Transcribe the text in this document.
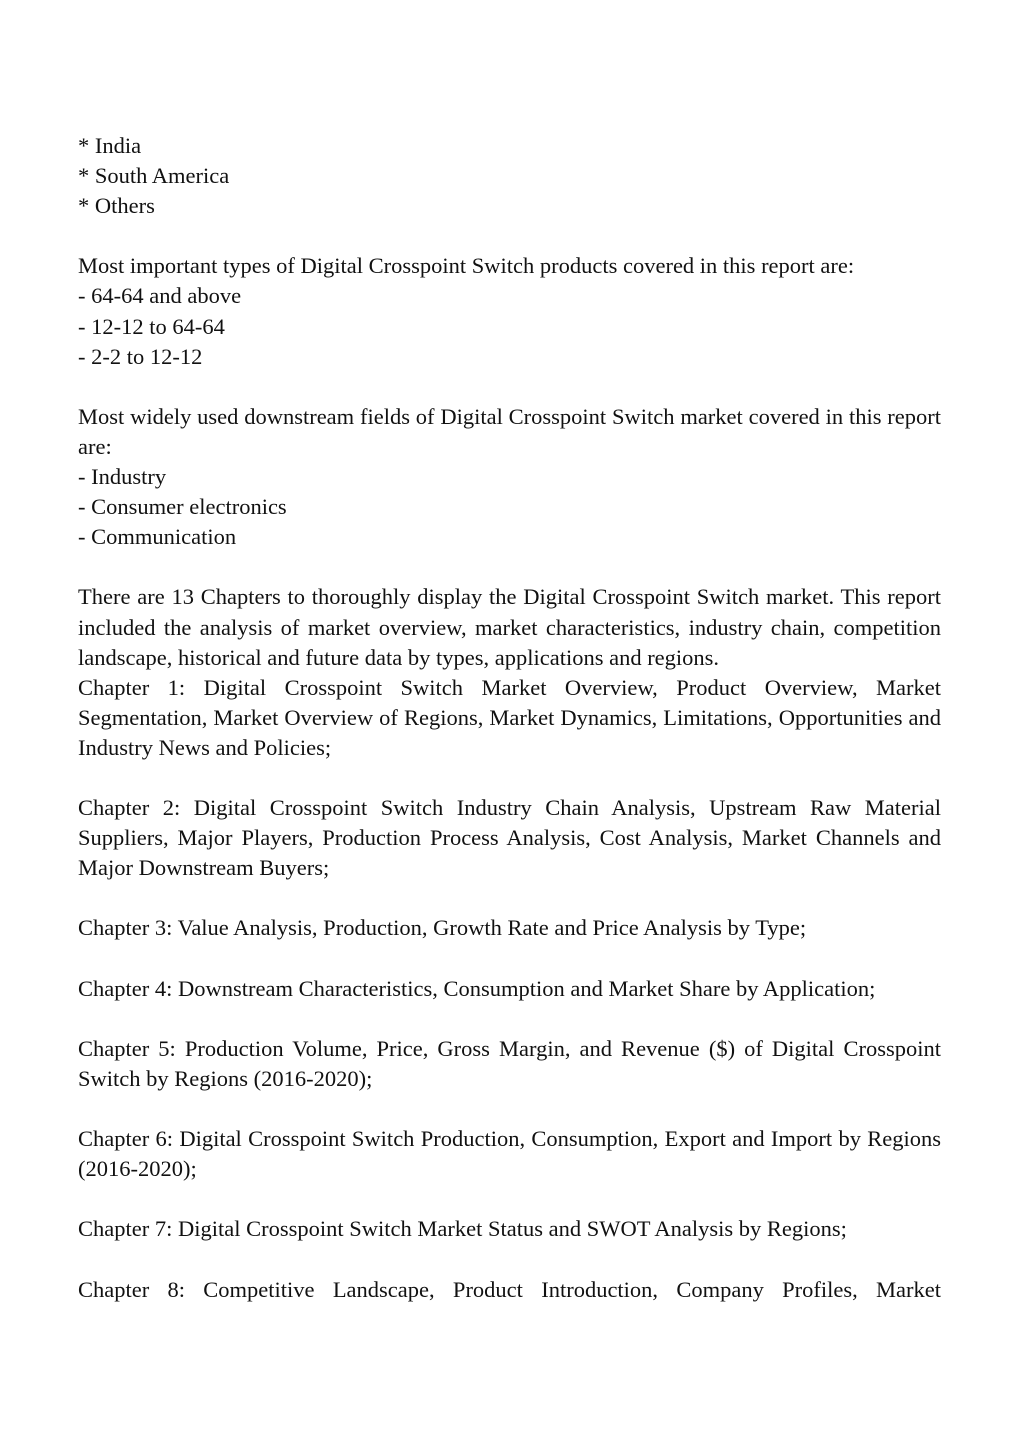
* India
* South America
* Others
Most important types of Digital Crosspoint Switch products covered in this report are:
- 64-64 and above
- 12-12 to 64-64
- 2-2 to 12-12
Most widely used downstream fields of Digital Crosspoint Switch market covered in this report are:
- Industry
- Consumer electronics
- Communication
There are 13 Chapters to thoroughly display the Digital Crosspoint Switch market. This report included the analysis of market overview, market characteristics, industry chain, competition landscape, historical and future data by types, applications and regions.
Chapter 1: Digital Crosspoint Switch Market Overview, Product Overview, Market Segmentation, Market Overview of Regions, Market Dynamics, Limitations, Opportunities and Industry News and Policies;
Chapter 2: Digital Crosspoint Switch Industry Chain Analysis, Upstream Raw Material Suppliers, Major Players, Production Process Analysis, Cost Analysis, Market Channels and Major Downstream Buyers;
Chapter 3: Value Analysis, Production, Growth Rate and Price Analysis by Type;
Chapter 4: Downstream Characteristics, Consumption and Market Share by Application;
Chapter 5: Production Volume, Price, Gross Margin, and Revenue ($) of Digital Crosspoint Switch by Regions (2016-2020);
Chapter 6: Digital Crosspoint Switch Production, Consumption, Export and Import by Regions (2016-2020);
Chapter 7: Digital Crosspoint Switch Market Status and SWOT Analysis by Regions;
Chapter 8: Competitive Landscape, Product Introduction, Company Profiles, Market
